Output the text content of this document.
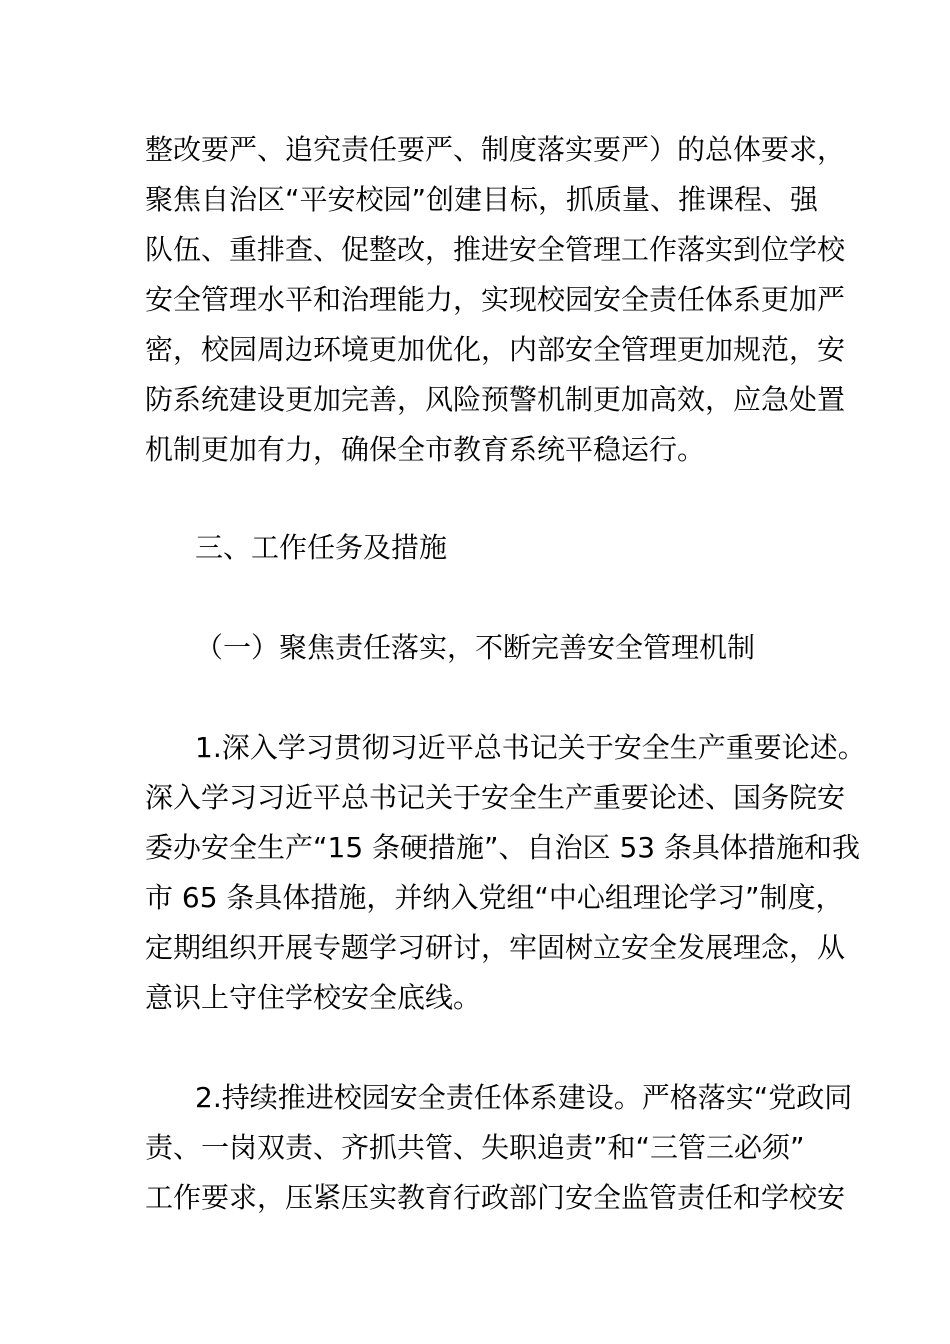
整改要严、追究责任要严、制度落实要严）的总体要求，
聚焦自治区“平安校园”创建目标，抓质量、推课程、强
队伍、重排查、促整改，推进安全管理工作落实到位学校
安全管理水平和治理能力，实现校园安全责任体系更加严
密，校园周边环境更加优化，内部安全管理更加规范，安
防系统建设更加完善，风险预警机制更加高效，应急处置
机制更加有力，确保全市教育系统平稳运行。
三、工作任务及措施
（一）聚焦责任落实，不断完善安全管理机制
1.深入学习贯彻习近平总书记关于安全生产重要论述。
深入学习习近平总书记关于安全生产重要论述、国务院安
委办安全生产“15 条硬措施”、自治区 53 条具体措施和我
市 65 条具体措施，并纳入党组“中心组理论学习”制度，
定期组织开展专题学习研讨，牢固树立安全发展理念，从
意识上守住学校安全底线。
2.持续推进校园安全责任体系建设。严格落实“党政同
责、一岗双责、齐抓共管、失职追责”和“三管三必须”
工作要求，压紧压实教育行政部门安全监管责任和学校安
